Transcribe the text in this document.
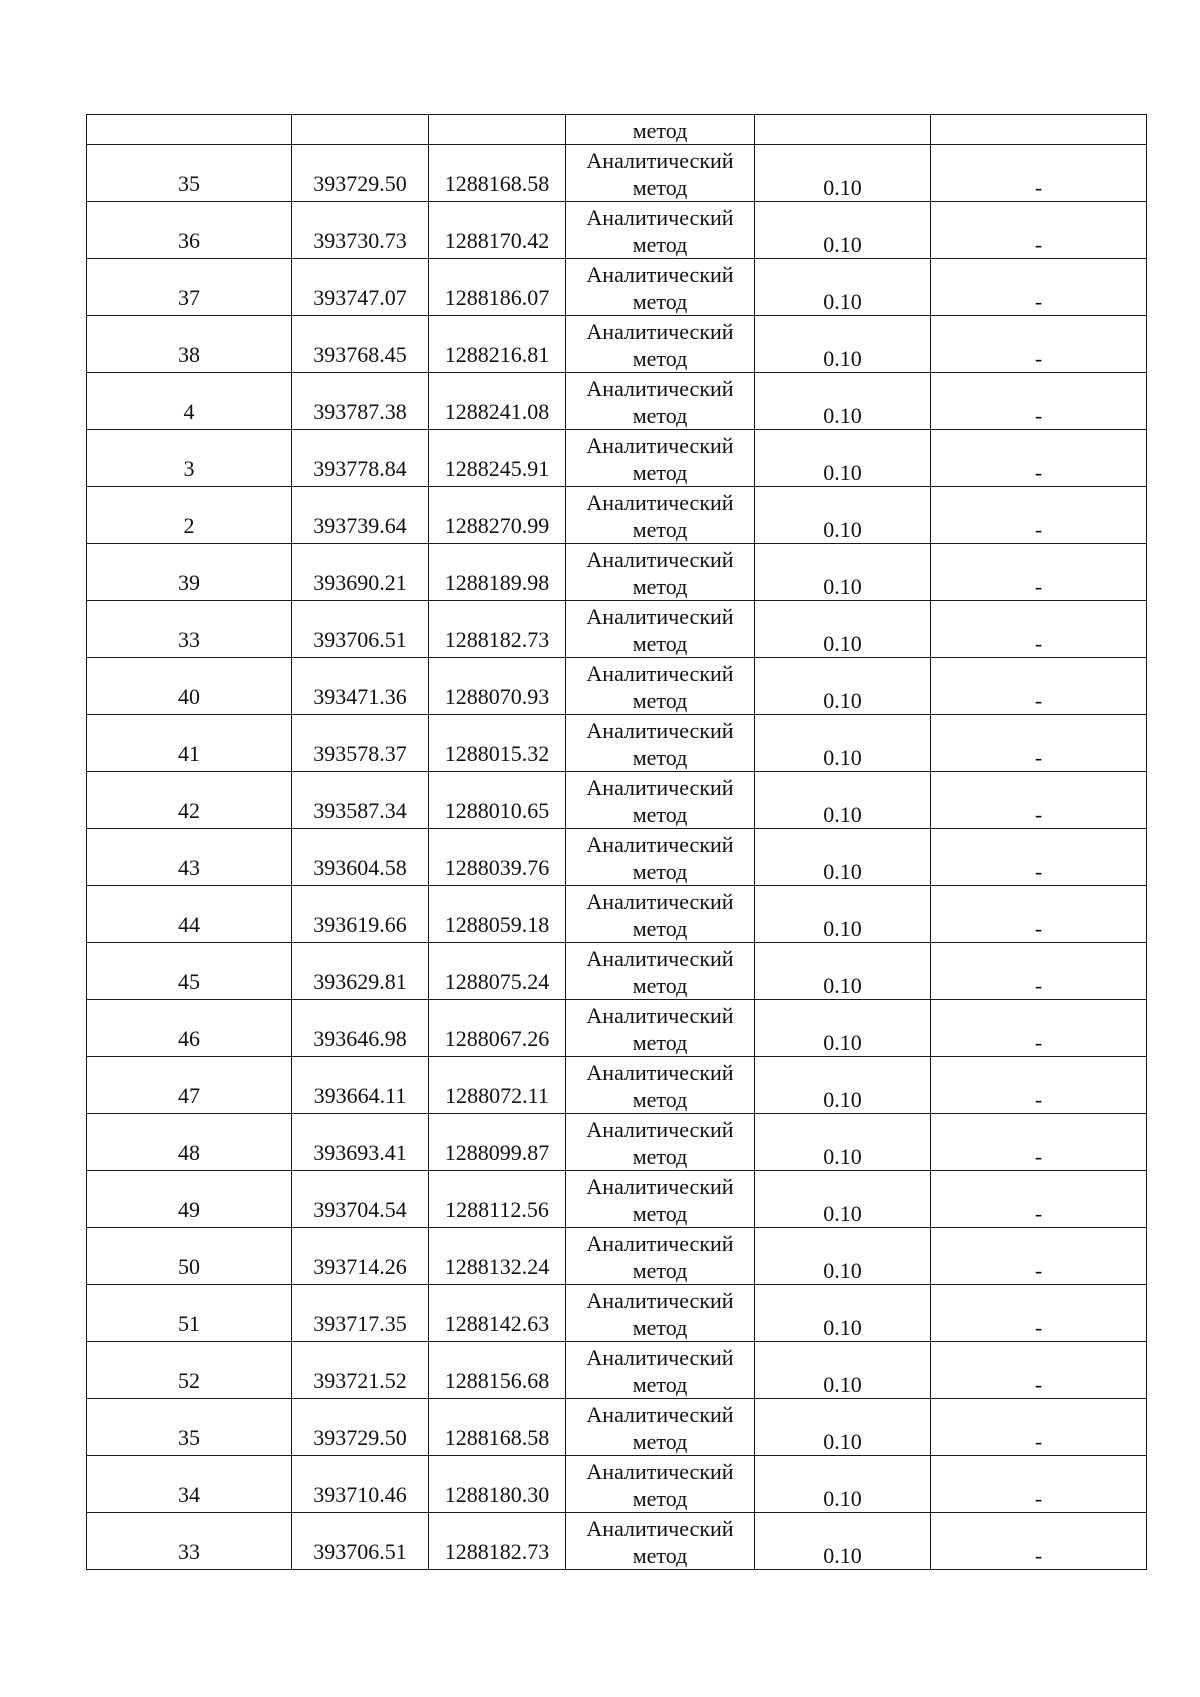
			метод		
35	393729.50	1288168.58	Аналитический
метод	0.10	-
36	393730.73	1288170.42	Аналитический
метод	0.10	-
37	393747.07	1288186.07	Аналитический
метод	0.10	-
38	393768.45	1288216.81	Аналитический
метод	0.10	-
4	393787.38	1288241.08	Аналитический
метод	0.10	-
3	393778.84	1288245.91	Аналитический
метод	0.10	-
2	393739.64	1288270.99	Аналитический
метод	0.10	-
39	393690.21	1288189.98	Аналитический
метод	0.10	-
33	393706.51	1288182.73	Аналитический
метод	0.10	-
40	393471.36	1288070.93	Аналитический
метод	0.10	-
41	393578.37	1288015.32	Аналитический
метод	0.10	-
42	393587.34	1288010.65	Аналитический
метод	0.10	-
43	393604.58	1288039.76	Аналитический
метод	0.10	-
44	393619.66	1288059.18	Аналитический
метод	0.10	-
45	393629.81	1288075.24	Аналитический
метод	0.10	-
46	393646.98	1288067.26	Аналитический
метод	0.10	-
47	393664.11	1288072.11	Аналитический
метод	0.10	-
48	393693.41	1288099.87	Аналитический
метод	0.10	-
49	393704.54	1288112.56	Аналитический
метод	0.10	-
50	393714.26	1288132.24	Аналитический
метод	0.10	-
51	393717.35	1288142.63	Аналитический
метод	0.10	-
52	393721.52	1288156.68	Аналитический
метод	0.10	-
35	393729.50	1288168.58	Аналитический
метод	0.10	-
34	393710.46	1288180.30	Аналитический
метод	0.10	-
33	393706.51	1288182.73	Аналитический
метод	0.10	-
